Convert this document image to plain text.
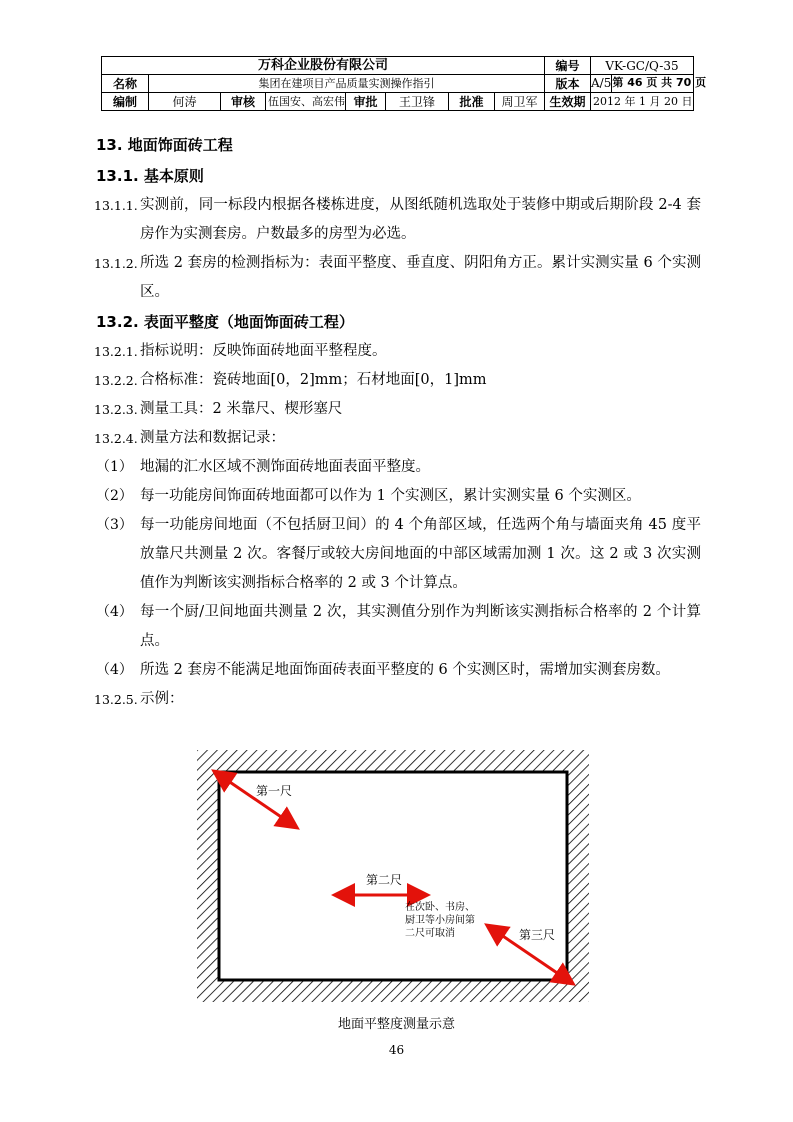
万科企业股份有限公司								编号	VK-GC/Q-35
名称	集团在建项目产品质量实测操作指引							版本	A/5 第 46 页 共 70 页

编制	何涛	审核	伍国安、高宏伟	审批	王卫锋	批准	周卫军	生效期	2012 年 1 月 20 日
13. 地面饰面砖工程
13.1. 基本原则
13.1.1. 实测前，同一标段内根据各楼栋进度，从图纸随机选取处于装修中期或后期阶段 2-4 套房作为实测套房。户数最多的房型为必选。

13.1.2. 所选 2 套房的检测指标为：表面平整度、垂直度、阴阳角方正。累计实测实量 6 个实测区。

13.2. 表面平整度（地面饰面砖工程）
13.2.1. 指标说明：反映饰面砖地面平整程度。

13.2.2. 合格标准：瓷砖地面[0，2]mm；石材地面[0，1]mm

13.2.3. 测量工具：2 米靠尺、楔形塞尺

13.2.4. 测量方法和数据记录：

（1） 地漏的汇水区域不测饰面砖地面表面平整度。

（2） 每一功能房间饰面砖地面都可以作为 1 个实测区，累计实测实量 6 个实测区。

（3） 每一功能房间地面（不包括厨卫间）的 4 个角部区域，任选两个角与墙面夹角 45 度平放靠尺共测量 2 次。客餐厅或较大房间地面的中部区域需加测 1 次。这 2 或 3 次实测值作为判断该实测指标合格率的 2 或 3 个计算点。

（4） 每一个厨/卫间地面共测量 2 次，其实测值分别作为判断该实测指标合格率的 2 个计算点。

（4） 所选 2 套房不能满足地面饰面砖表面平整度的 6 个实测区时，需增加实测套房数。

13.2.5. 示例：

第一尺
第二尺
在次卧、书房、
厨卫等小房间第
二尺可取消	第三尺
地面平整度测量示意
46
